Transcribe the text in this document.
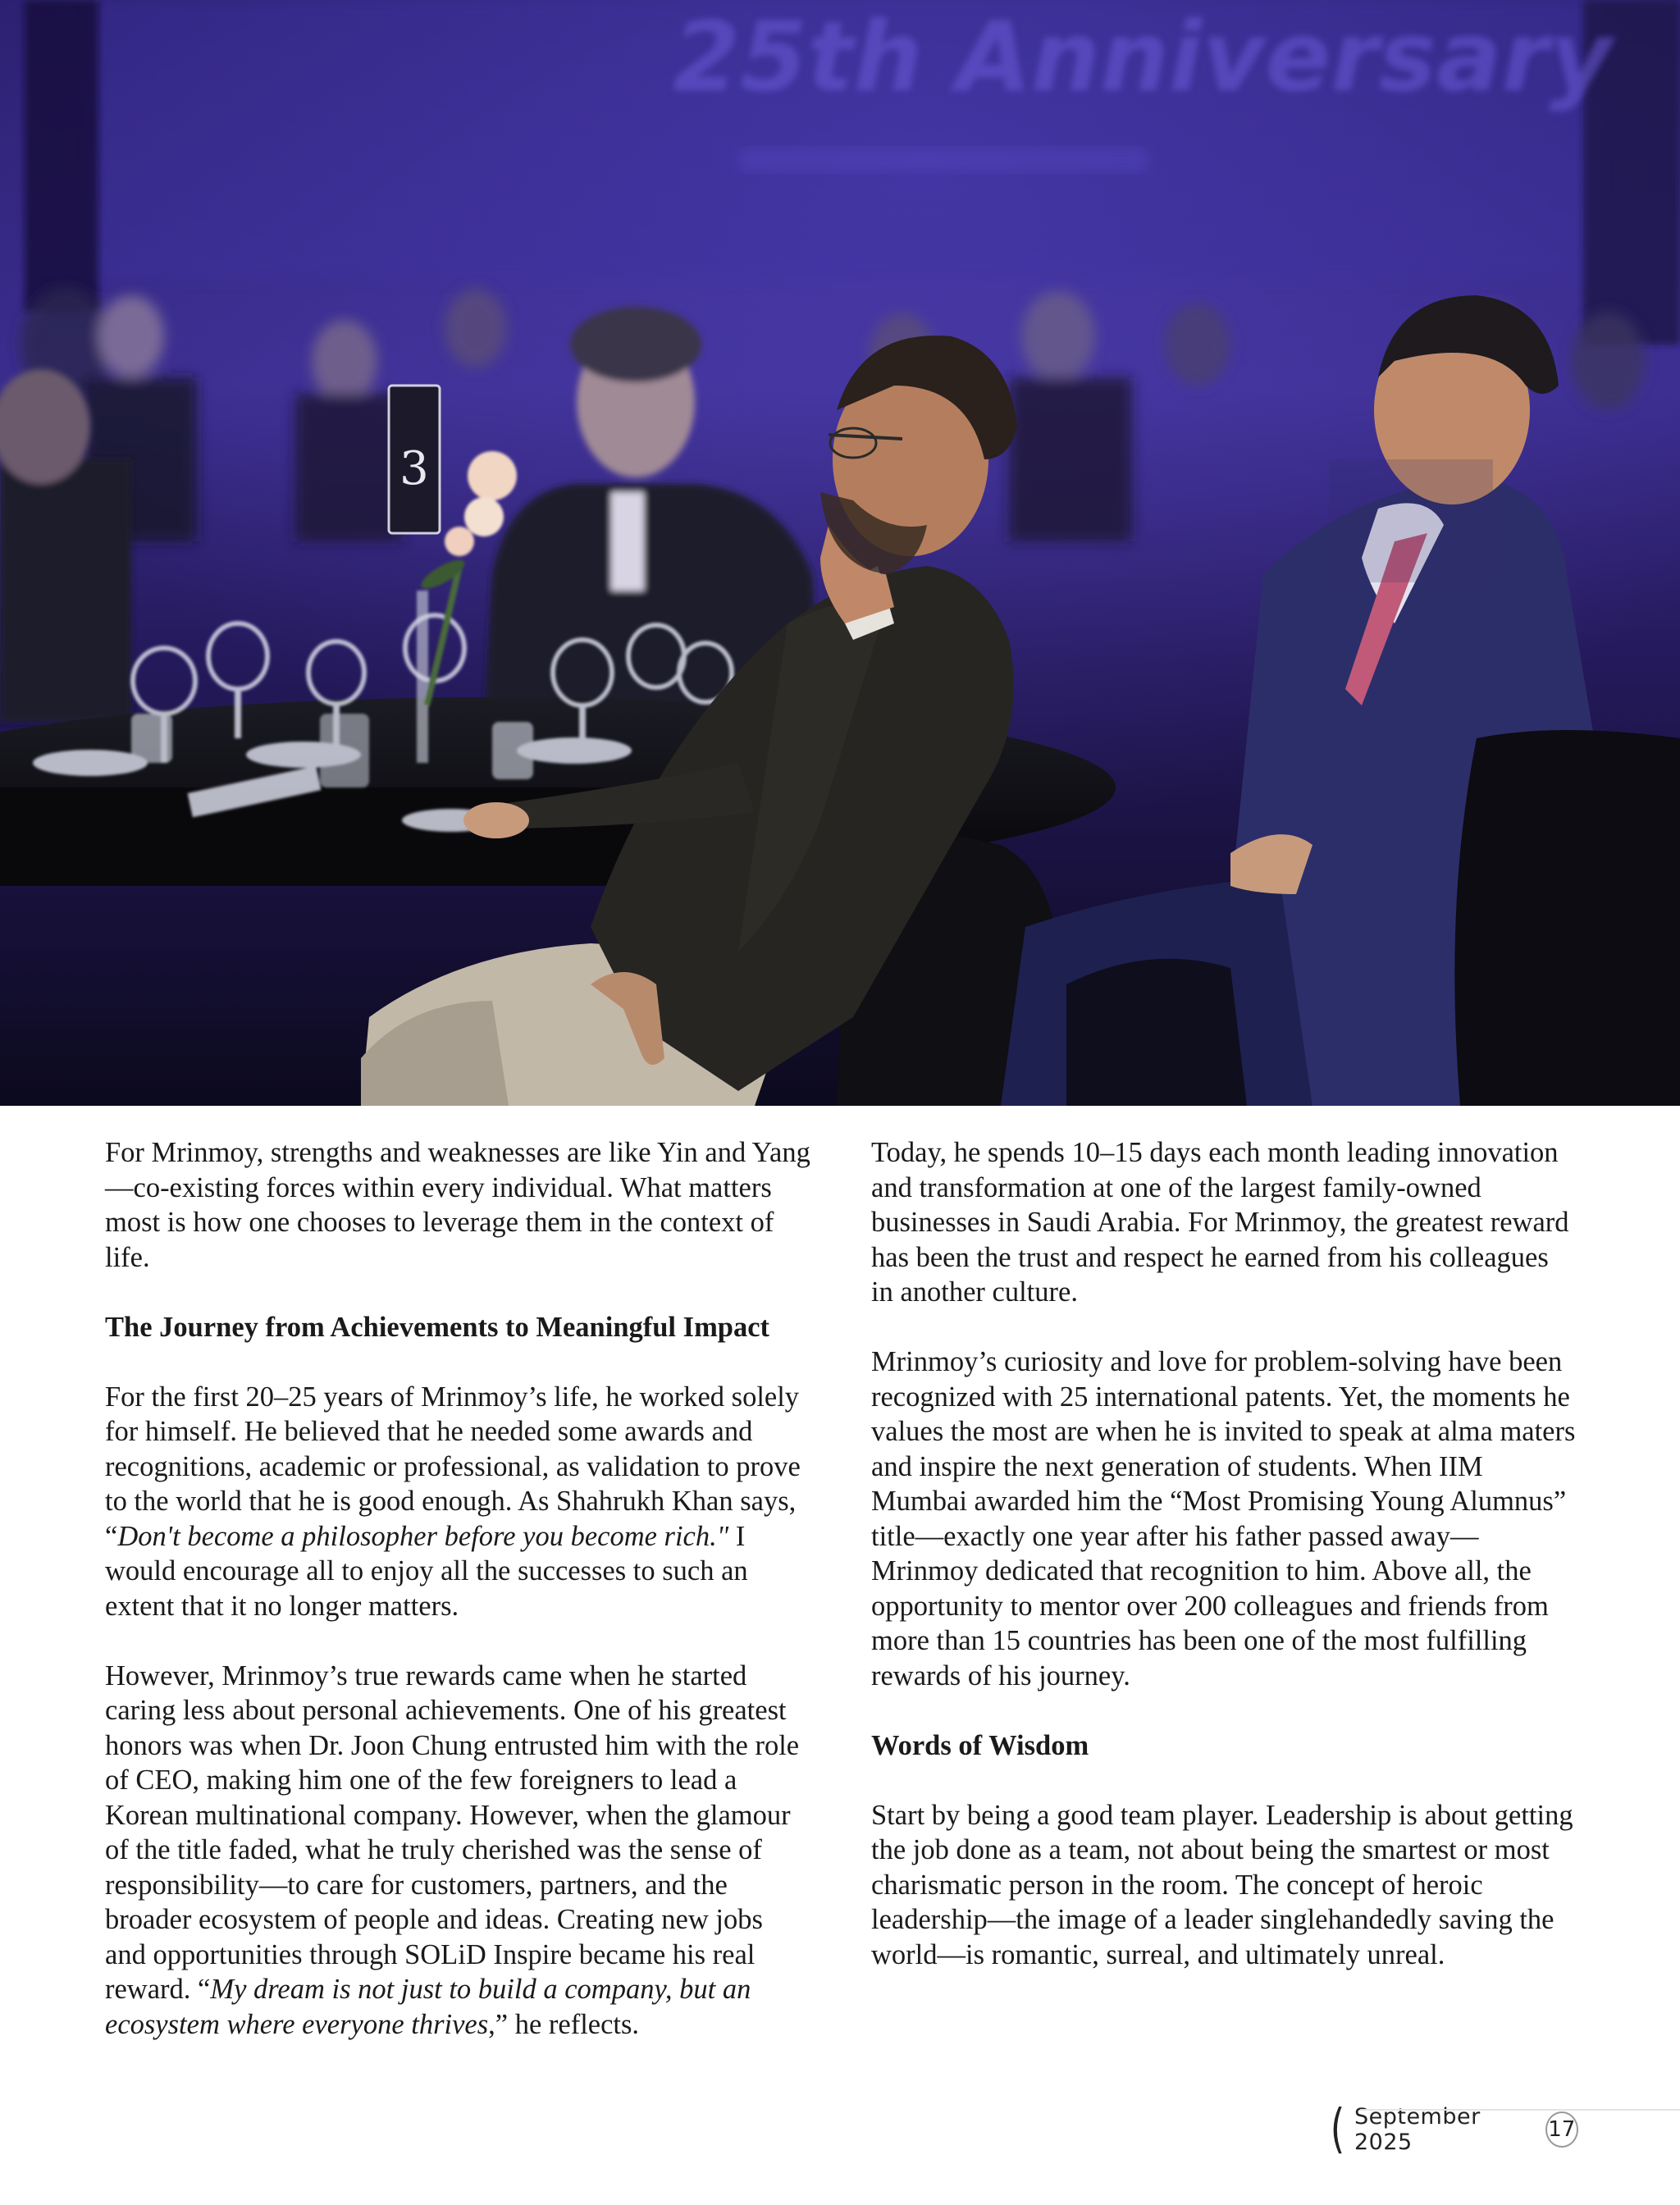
25th Anniversary
3

For Mrinmoy, strengths and weaknesses are like Yin and Yang—co-existing forces within every individual. What matters most is how one chooses to leverage them in the context of life.

The Journey from Achievements to Meaningful Impact

For the first 20–25 years of Mrinmoy’s life, he worked solely for himself. He believed that he needed some awards and recognitions, academic or professional, as validation to prove to the world that he is good enough. As Shahrukh Khan says, “Don't become a philosopher before you become rich." I would encourage all to enjoy all the successes to such an extent that it no longer matters.

However, Mrinmoy’s true rewards came when he started caring less about personal achievements. One of his greatest honors was when Dr. Joon Chung entrusted him with the role of CEO, making him one of the few foreigners to lead a Korean multinational company. However, when the glamour of the title faded, what he truly cherished was the sense of responsibility—to care for customers, partners, and the broader ecosystem of people and ideas. Creating new jobs and opportunities through SOLiD Inspire became his real reward. “My dream is not just to build a company, but an ecosystem where everyone thrives,” he reflects.

Today, he spends 10–15 days each month leading innovation and transformation at one of the largest family-owned businesses in Saudi Arabia. For Mrinmoy, the greatest reward has been the trust and respect he earned from his colleagues in another culture.

Mrinmoy’s curiosity and love for problem-solving have been recognized with 25 international patents. Yet, the moments he values the most are when he is invited to speak at alma maters and inspire the next generation of students. When IIM Mumbai awarded him the “Most Promising Young Alumnus” title—exactly one year after his father passed away—Mrinmoy dedicated that recognition to him. Above all, the opportunity to mentor over 200 colleagues and friends from more than 15 countries has been one of the most fulfilling rewards of his journey.

Words of Wisdom

Start by being a good team player. Leadership is about getting the job done as a team, not about being the smartest or most charismatic person in the room. The concept of heroic leadership—the image of a leader singlehandedly saving the world—is romantic, surreal, and ultimately unreal.

( September 2025	17
